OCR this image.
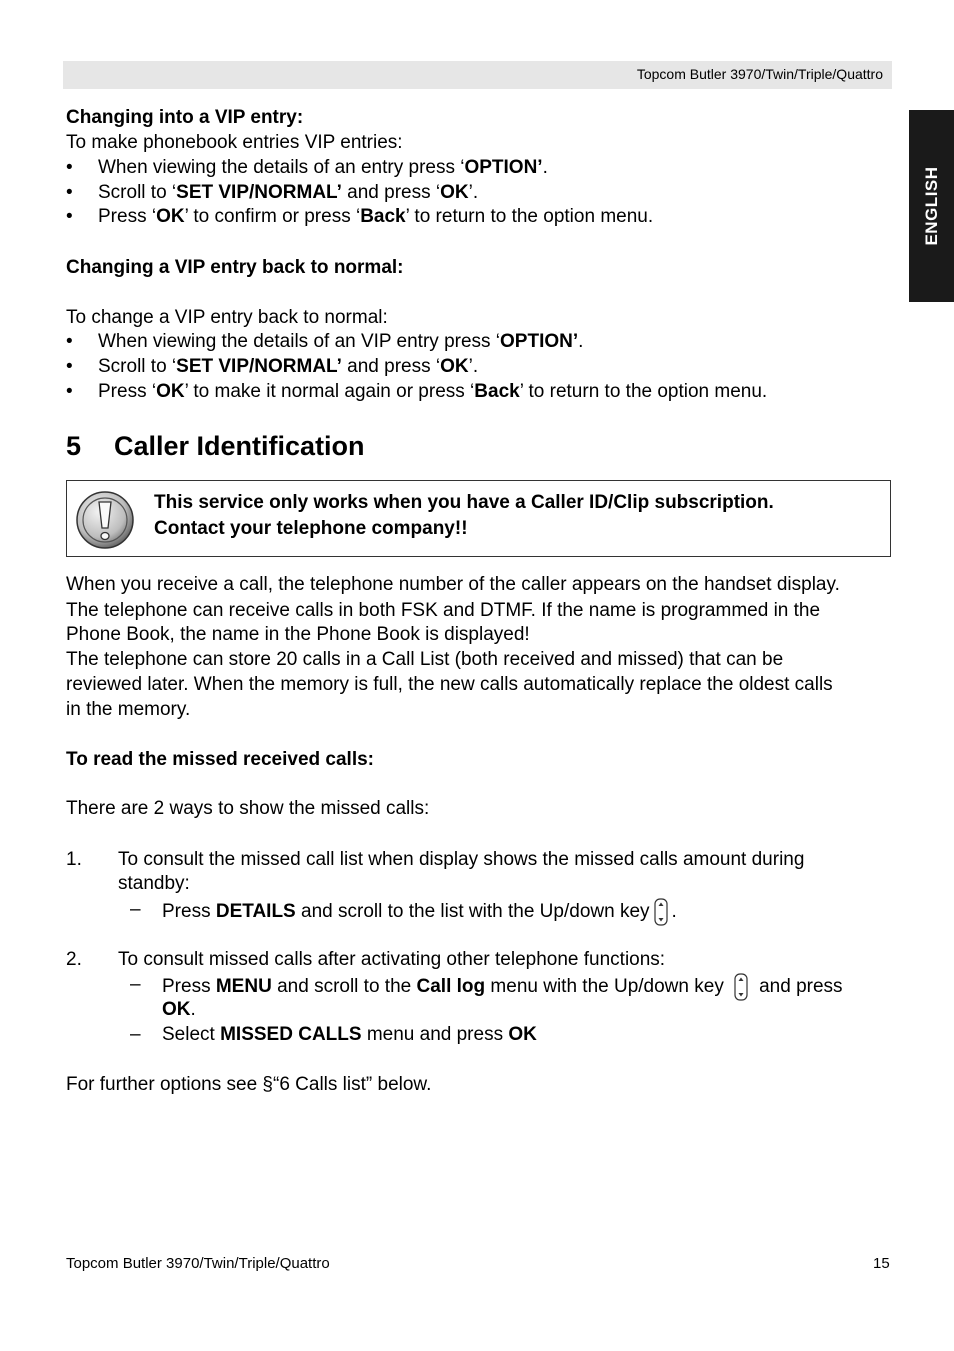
Topcom Butler 3970/Twin/Triple/Quattro
ENGLISH
Changing into a VIP entry:
To make phonebook entries VIP entries:
• When viewing the details of an entry press ‘OPTION’.
• Scroll to ‘SET VIP/NORMAL’ and press ‘OK’.
• Press ‘OK’ to confirm or press ‘Back’ to return to the option menu.
Changing a VIP entry back to normal:
To change a VIP entry back to normal:
• When viewing the details of an VIP entry press ‘OPTION’.
• Scroll to ‘SET VIP/NORMAL’ and press ‘OK’.
• Press ‘OK’ to make it normal again or press ‘Back’ to return to the option menu.
5 Caller Identification
This service only works when you have a Caller ID/Clip subscription.
Contact your telephone company!!
When you receive a call, the telephone number of the caller appears on the handset display.
The telephone can receive calls in both FSK and DTMF. If the name is programmed in the
Phone Book, the name in the Phone Book is displayed!
The telephone can store 20 calls in a Call List (both received and missed) that can be
reviewed later. When the memory is full, the new calls automatically replace the oldest calls
in the memory.
To read the missed received calls:
There are 2 ways to show the missed calls:
1. To consult the missed call list when display shows the missed calls amount during
standby:
– Press DETAILS and scroll to the list with the Up/down key .
2. To consult missed calls after activating other telephone functions:
– Press MENU and scroll to the Call log menu with the Up/down key and press
OK.
– Select MISSED CALLS menu and press OK
For further options see §“6 Calls list” below.
Topcom Butler 3970/Twin/Triple/Quattro	15
